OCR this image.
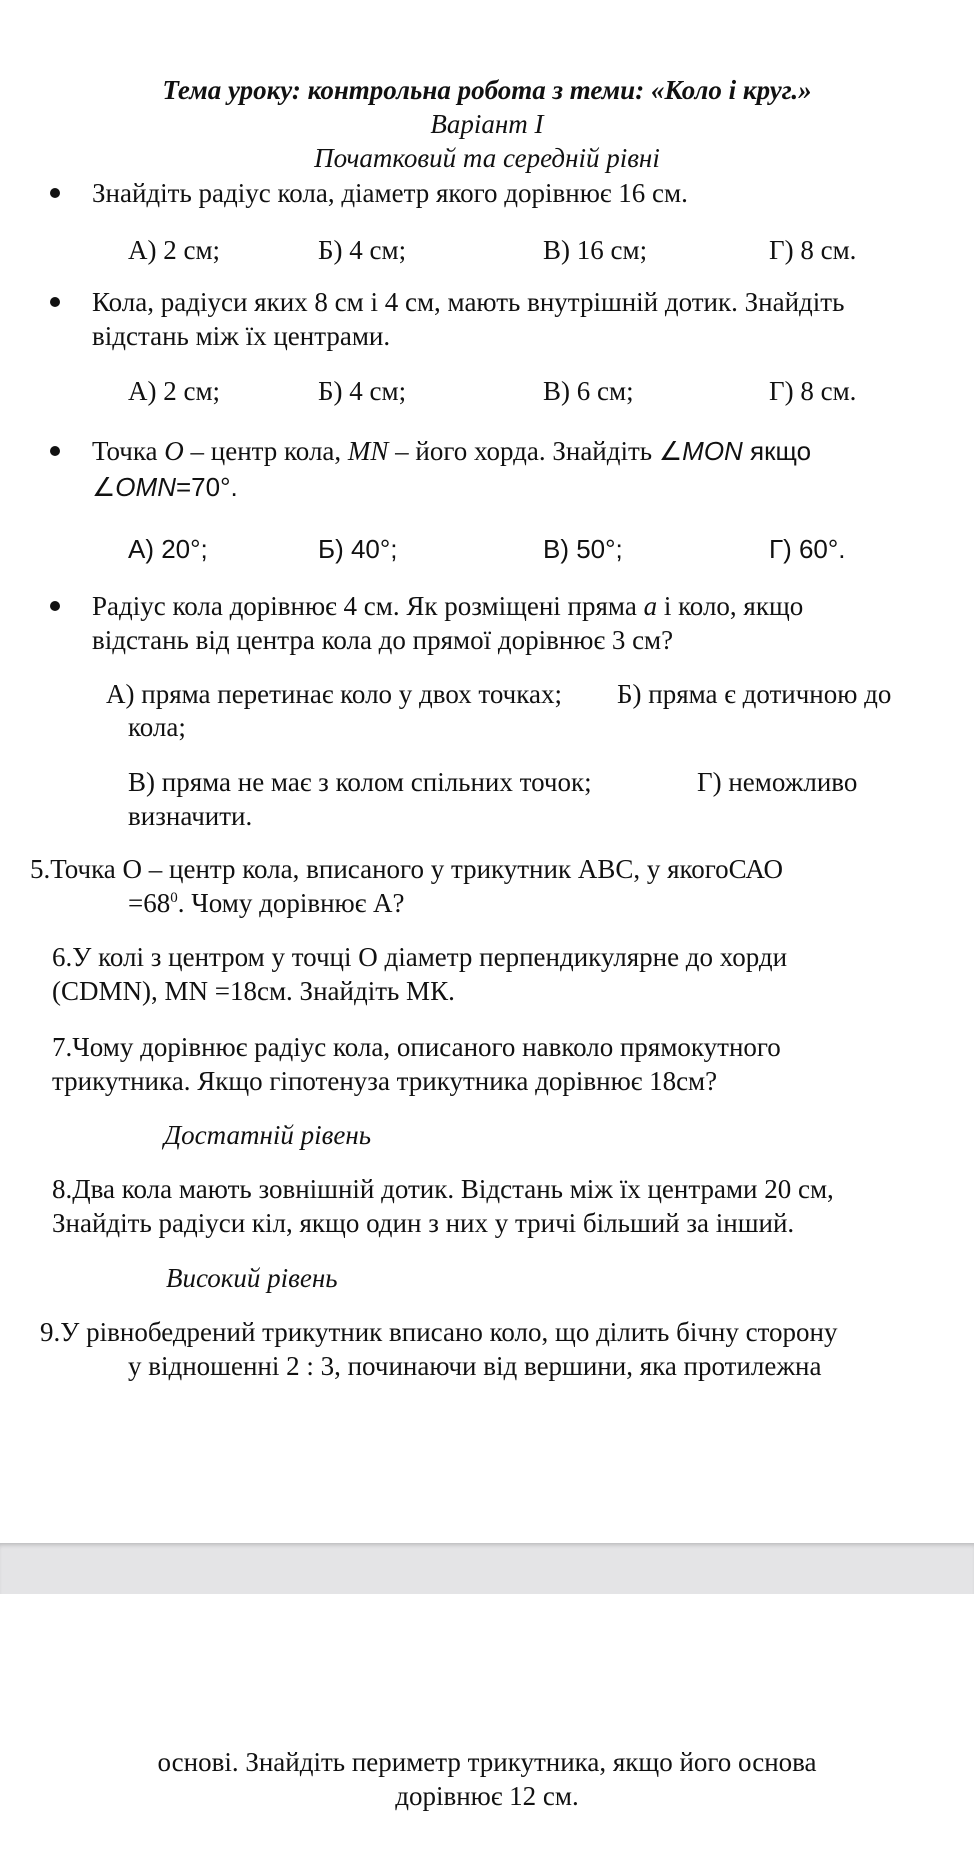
Тема уроку: контрольна робота з теми: «Коло і круг.»
Варіант І
Початковий та середній рівні
Знайдіть радіус кола, діаметр якого дорівнює 16 см.
А) 2 см;	Б) 4 см;	В) 16 см;	Г) 8 см.
Кола, радіуси яких 8 см і 4 см, мають внутрішній дотик. Знайдіть
відстань між їх центрами.
А) 2 см;	Б) 4 см;	В) 6 см;	Г) 8 см.
Точка О – центр кола, MN – його хорда. Знайдіть ∠MON якщо
∠OMN=70°.
А) 20°;	Б) 40°;	В) 50°;	Г) 60°.
Радіус кола дорівнює 4 см. Як розміщені пряма а і коло, якщо
відстань від центра кола до прямої дорівнює 3 см?
А) пряма перетинає коло у двох точках; Б) пряма є дотичною до
кола;
В) пряма не має з колом спільних точок;	Г) неможливо
визначити.
5.Точка О – центр кола, вписаного у трикутник АВС, у якогоСАО
$=68^0$. Чому дорівнює А?
6.У колі з центром у точці О діаметр перпендикулярне до хорди
(CDMN), MN =18см. Знайдіть МК.
7.Чому дорівнює радіус кола, описаного навколо прямокутного
трикутника. Якщо гіпотенуза трикутника дорівнює 18см?
Достатній рівень
8.Два кола мають зовнішній дотик. Відстань між їх центрами 20 см,
Знайдіть радіуси кіл, якщо один з них у тричі більший за інший.
Високий рівень
9.У рівнобедрений трикутник вписано коло, що ділить бічну сторону
у відношенні 2 : 3, починаючи від вершини, яка протилежна
основі. Знайдіть периметр трикутника, якщо його основа
дорівнює 12 см.
